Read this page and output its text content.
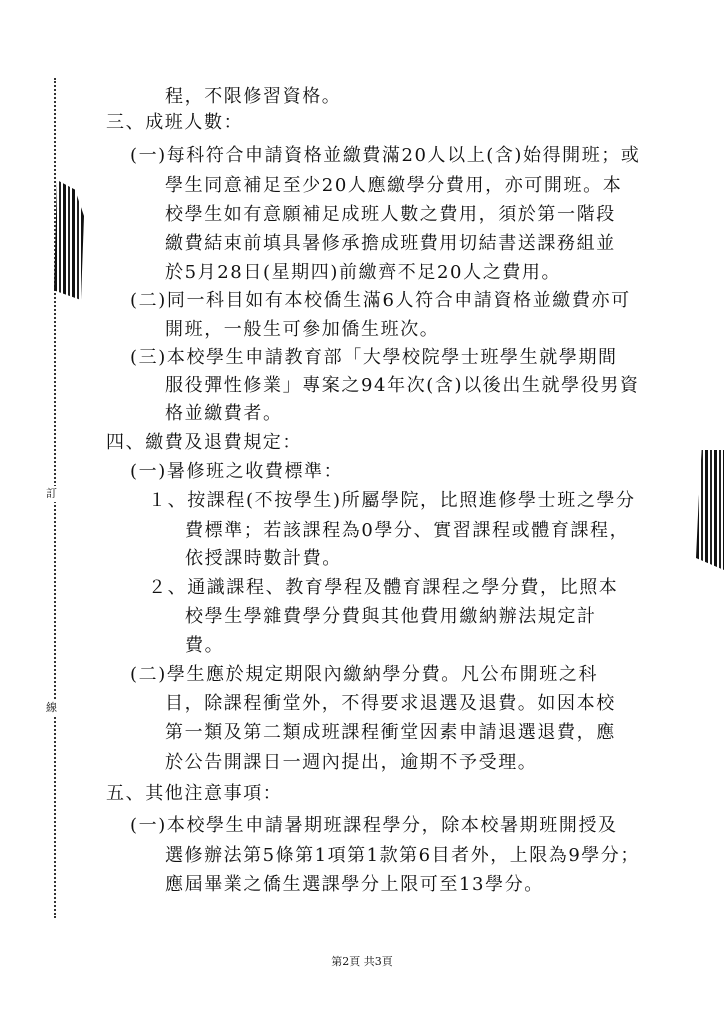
訂
線
程，不限修習資格。
三、成班人數：
(一)每科符合申請資格並繳費滿20人以上(含)始得開班；或
學生同意補足至少20人應繳學分費用，亦可開班。本
校學生如有意願補足成班人數之費用，須於第一階段
繳費結束前填具暑修承擔成班費用切結書送課務組並
於5月28日(星期四)前繳齊不足20人之費用。
(二)同一科目如有本校僑生滿6人符合申請資格並繳費亦可
開班，一般生可參加僑生班次。
(三)本校學生申請教育部「大學校院學士班學生就學期間
服役彈性修業」專案之94年次(含)以後出生就學役男資
格並繳費者。
四、繳費及退費規定：
(一)暑修班之收費標準：
１、按課程(不按學生)所屬學院，比照進修學士班之學分
費標準；若該課程為0學分、實習課程或體育課程，
依授課時數計費。
２、通識課程、教育學程及體育課程之學分費，比照本
校學生學雜費學分費與其他費用繳納辦法規定計
費。
(二)學生應於規定期限內繳納學分費。凡公布開班之科
目，除課程衝堂外，不得要求退選及退費。如因本校
第一類及第二類成班課程衝堂因素申請退選退費，應
於公告開課日一週內提出，逾期不予受理。
五、其他注意事項：
(一)本校學生申請暑期班課程學分，除本校暑期班開授及
選修辦法第5條第1項第1款第6目者外，上限為9學分；
應屆畢業之僑生選課學分上限可至13學分。
第2頁 共3頁
